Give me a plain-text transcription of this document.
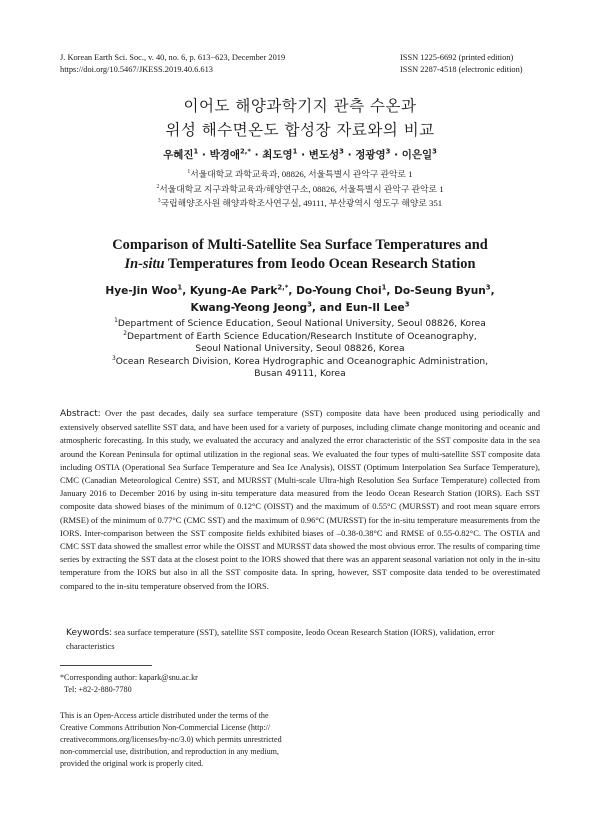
J. Korean Earth Sci. Soc., v. 40, no. 6, p. 613−623, December 2019
https://doi.org/10.5467/JKESS.2019.40.6.613
ISSN 1225-6692 (printed edition)
ISSN 2287-4518 (electronic edition)
이어도 해양과학기지 관측 수온과
위성 해수면온도 합성장 자료와의 비교
우혜진$^1$ · 박경애$^{2,*}$ · 최도영$^1$ · 변도성$^3$ · 정광영$^3$ · 이은일$^3$
$^1$서울대학교 과학교육과, 08826, 서울특별시 관악구 관악로 1
$^2$서울대학교 지구과학교육과/해양연구소, 08826, 서울특별시 관악구 관악로 1
$^3$국립해양조사원 해양과학조사연구실, 49111, 부산광역시 영도구 해양로 351
Comparison of Multi-Satellite Sea Surface Temperatures and
In-situ Temperatures from Ieodo Ocean Research Station
Hye-Jin Woo$^1$, Kyung-Ae Park$^{2,*}$, Do-Young Choi$^1$, Do-Seung Byun$^3$,
Kwang-Yeong Jeong$^3$, and Eun-Il Lee$^3$
$^1$Department of Science Education, Seoul National University, Seoul 08826, Korea
$^2$Department of Earth Science Education/Research Institute of Oceanography,
Seoul National University, Seoul 08826, Korea
$^3$Ocean Research Division, Korea Hydrographic and Oceanographic Administration,
Busan 49111, Korea
Abstract: Over the past decades, daily sea surface temperature (SST) composite data have been produced using periodically and extensively observed satellite SST data, and have been used for a variety of purposes, including climate change monitoring and oceanic and atmospheric forecasting. In this study, we evaluated the accuracy and analyzed the error characteristic of the SST composite data in the sea around the Korean Peninsula for optimal utilization in the regional seas. We evaluated the four types of multi-satellite SST composite data including OSTIA (Operational Sea Surface Temperature and Sea Ice Analysis), OISST (Optimum Interpolation Sea Surface Temperature), CMC (Canadian Meteorological Centre) SST, and MURSST (Multi-scale Ultra-high Resolution Sea Surface Temperature) collected from January 2016 to December 2016 by using in-situ temperature data measured from the Ieodo Ocean Research Station (IORS). Each SST composite data showed biases of the minimum of 0.12°C (OISST) and the maximum of 0.55°C (MURSST) and root mean square errors (RMSE) of the minimum of 0.77°C (CMC SST) and the maximum of 0.96°C (MURSST) for the in-situ temperature measurements from the IORS. Inter-comparison between the SST composite fields exhibited biases of –0.38-0.38°C and RMSE of 0.55-0.82°C. The OSTIA and CMC SST data showed the smallest error while the OISST and MURSST data showed the most obvious error. The results of comparing time series by extracting the SST data at the closest point to the IORS showed that there was an apparent seasonal variation not only in the in-situ temperature from the IORS but also in all the SST composite data. In spring, however, SST composite data tended to be overestimated compared to the in-situ temperature observed from the IORS.
Keywords: sea surface temperature (SST), satellite SST composite, Ieodo Ocean Research Station (IORS), validation, error characteristics
*Corresponding author: kapark@snu.ac.kr
Tel: +82-2-880-7780
This is an Open-Access article distributed under the terms of the
Creative Commons Attribution Non-Commercial License (http://
creativecommons.org/licenses/by-nc/3.0) which permits unrestricted
non-commercial use, distribution, and reproduction in any medium,
provided the original work is properly cited.
